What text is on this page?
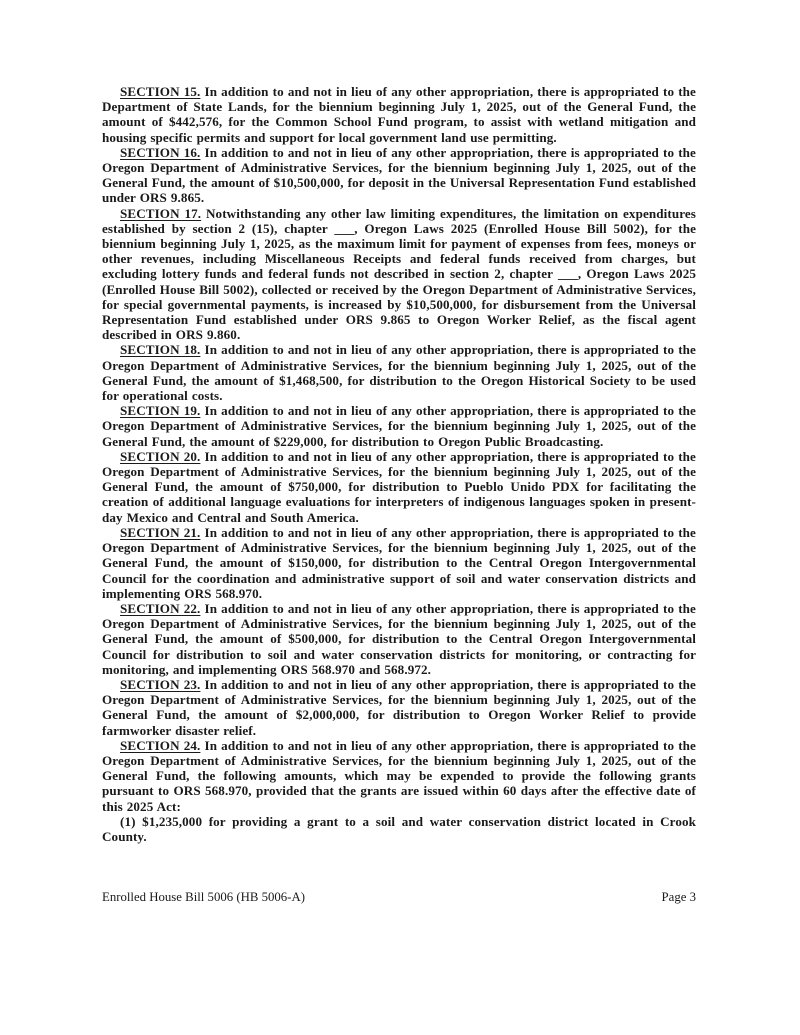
SECTION 15. In addition to and not in lieu of any other appropriation, there is appropriated to the Department of State Lands, for the biennium beginning July 1, 2025, out of the General Fund, the amount of $442,576, for the Common School Fund program, to assist with wetland mitigation and housing specific permits and support for local government land use permitting.

SECTION 16. In addition to and not in lieu of any other appropriation, there is appropriated to the Oregon Department of Administrative Services, for the biennium beginning July 1, 2025, out of the General Fund, the amount of $10,500,000, for deposit in the Universal Representation Fund established under ORS 9.865.

SECTION 17. Notwithstanding any other law limiting expenditures, the limitation on expenditures established by section 2 (15), chapter ___, Oregon Laws 2025 (Enrolled House Bill 5002), for the biennium beginning July 1, 2025, as the maximum limit for payment of expenses from fees, moneys or other revenues, including Miscellaneous Receipts and federal funds received from charges, but excluding lottery funds and federal funds not described in section 2, chapter ___, Oregon Laws 2025 (Enrolled House Bill 5002), collected or received by the Oregon Department of Administrative Services, for special governmental payments, is increased by $10,500,000, for disbursement from the Universal Representation Fund established under ORS 9.865 to Oregon Worker Relief, as the fiscal agent described in ORS 9.860.

SECTION 18. In addition to and not in lieu of any other appropriation, there is appropriated to the Oregon Department of Administrative Services, for the biennium beginning July 1, 2025, out of the General Fund, the amount of $1,468,500, for distribution to the Oregon Historical Society to be used for operational costs.

SECTION 19. In addition to and not in lieu of any other appropriation, there is appropriated to the Oregon Department of Administrative Services, for the biennium beginning July 1, 2025, out of the General Fund, the amount of $229,000, for distribution to Oregon Public Broadcasting.

SECTION 20. In addition to and not in lieu of any other appropriation, there is appropriated to the Oregon Department of Administrative Services, for the biennium beginning July 1, 2025, out of the General Fund, the amount of $750,000, for distribution to Pueblo Unido PDX for facilitating the creation of additional language evaluations for interpreters of indigenous languages spoken in present-day Mexico and Central and South America.

SECTION 21. In addition to and not in lieu of any other appropriation, there is appropriated to the Oregon Department of Administrative Services, for the biennium beginning July 1, 2025, out of the General Fund, the amount of $150,000, for distribution to the Central Oregon Intergovernmental Council for the coordination and administrative support of soil and water conservation districts and implementing ORS 568.970.

SECTION 22. In addition to and not in lieu of any other appropriation, there is appropriated to the Oregon Department of Administrative Services, for the biennium beginning July 1, 2025, out of the General Fund, the amount of $500,000, for distribution to the Central Oregon Intergovernmental Council for distribution to soil and water conservation districts for monitoring, or contracting for monitoring, and implementing ORS 568.970 and 568.972.

SECTION 23. In addition to and not in lieu of any other appropriation, there is appropriated to the Oregon Department of Administrative Services, for the biennium beginning July 1, 2025, out of the General Fund, the amount of $2,000,000, for distribution to Oregon Worker Relief to provide farmworker disaster relief.

SECTION 24. In addition to and not in lieu of any other appropriation, there is appropriated to the Oregon Department of Administrative Services, for the biennium beginning July 1, 2025, out of the General Fund, the following amounts, which may be expended to provide the following grants pursuant to ORS 568.970, provided that the grants are issued within 60 days after the effective date of this 2025 Act:

(1) $1,235,000 for providing a grant to a soil and water conservation district located in Crook County.

Enrolled House Bill 5006 (HB 5006-A)	Page 3
